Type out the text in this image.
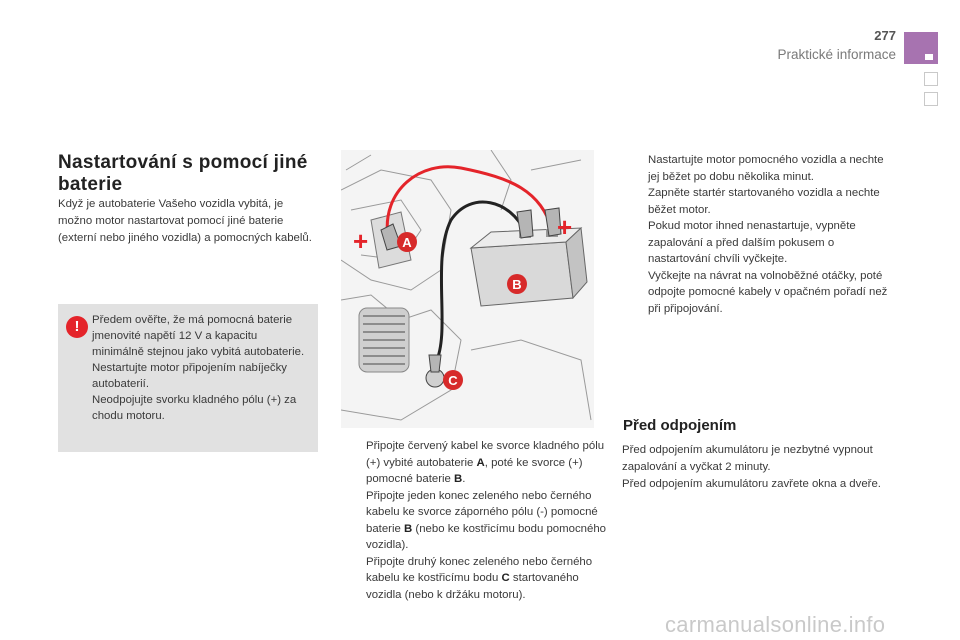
277
Praktické informace
Nastartování s pomocí jiné baterie

Když je autobaterie Vašeho vozidla vybitá, je možno motor nastartovat pomocí jiné baterie (externí nebo jiného vozidla) a pomocných kabelů.

!	Předem ověřte, že má pomocná baterie jmenovité napětí 12 V a kapacitu minimálně stejnou jako vybitá autobaterie.

Nestartujte motor připojením nabíječky autobaterií.

Neodpojujte svorku kladného pólu (+) za chodu motoru.

+	+
A
B
C
Připojte červený kabel ke svorce kladného pólu (+) vybité autobaterie A, poté ke svorce (+) pomocné baterie B.
Připojte jeden konec zeleného nebo černého kabelu ke svorce záporného pólu (-) pomocné baterie B (nebo ke kostřicímu bodu pomocného vozidla).
Připojte druhý konec zeleného nebo černého kabelu ke kostřicímu bodu C startovaného vozidla (nebo k držáku motoru).

Nastartujte motor pomocného vozidla a nechte jej běžet po dobu několika minut.

Zapněte startér startovaného vozidla a nechte běžet motor.

Pokud motor ihned nenastartuje, vypněte zapalování a před dalším pokusem o nastartování chvíli vyčkejte.

Vyčkejte na návrat na volnoběžné otáčky, poté odpojte pomocné kabely v opačném pořadí než při připojování.

Před odpojením

Před odpojením akumulátoru je nezbytné vypnout zapalování a vyčkat 2 minuty.

Před odpojením akumulátoru zavřete okna a dveře.

carmanualsonline.info
